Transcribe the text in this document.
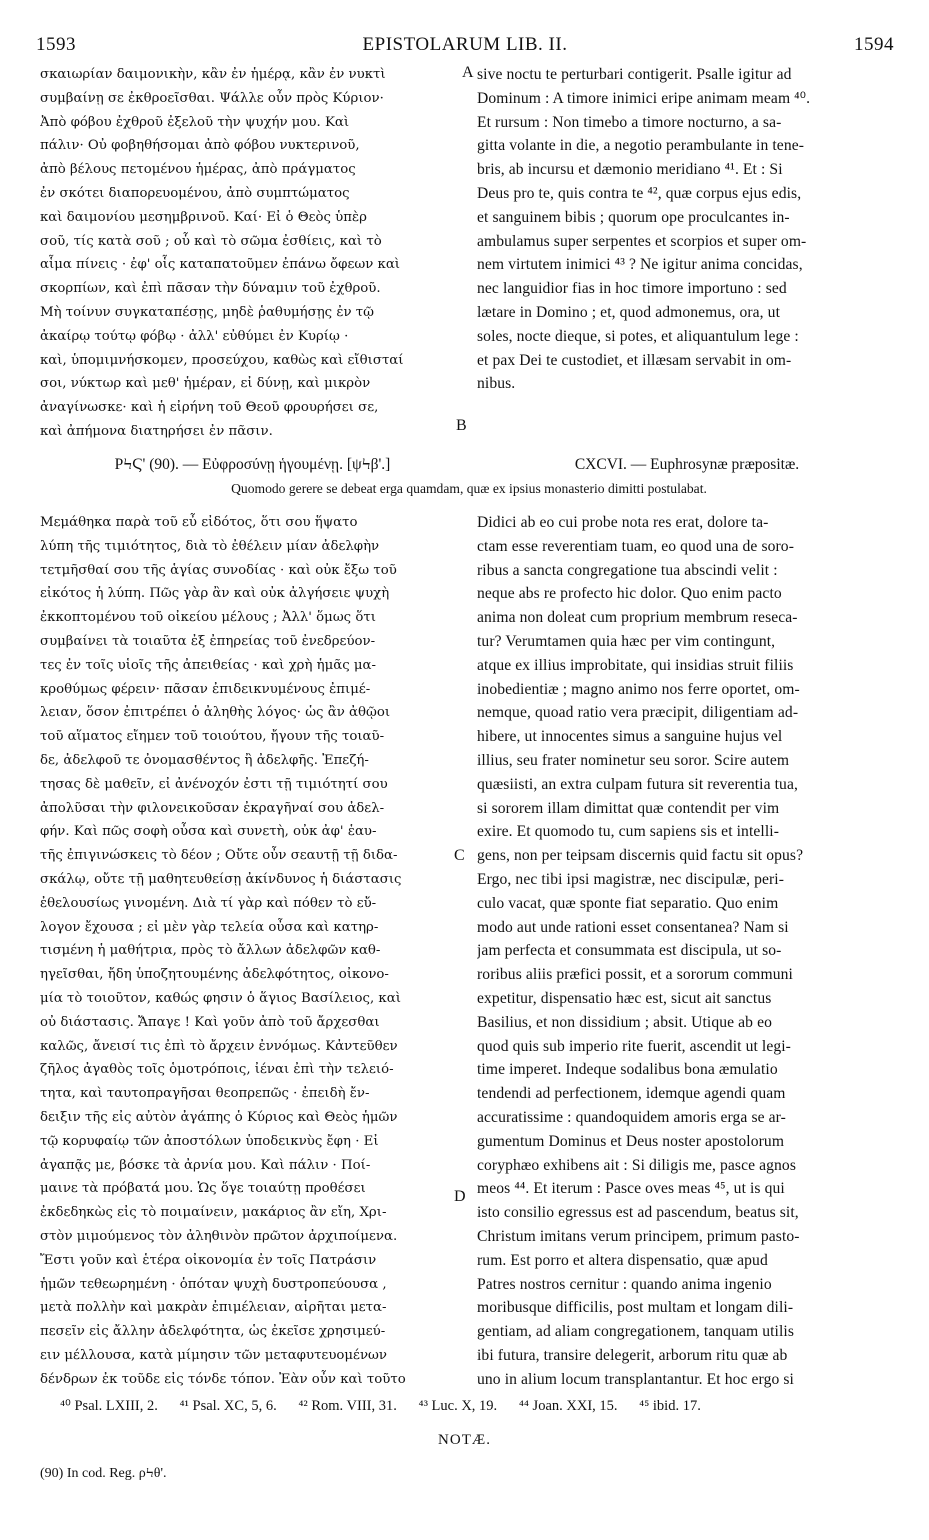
1593	EPISTOLARUM LIB. II.	1594
σκαιωρίαν δαιμονικὴν, κἂν ἐν ἡμέρᾳ, κἂν ἐν νυκτὶ
συμβαίνῃ σε ἐκθροεῖσθαι. Ψάλλε οὖν πρὸς Κύριον·
Ἀπὸ φόβου ἐχθροῦ ἐξελοῦ τὴν ψυχήν μου. Καὶ
πάλιν· Οὐ φοβηθήσομαι ἀπὸ φόβου νυκτερινοῦ,
ἀπὸ βέλους πετομένου ἡμέρας, ἀπὸ πράγματος
ἐν σκότει διαπορευομένου, ἀπὸ συμπτώματος
καὶ δαιμονίου μεσημβρινοῦ. Καί· Εἰ ὁ Θεὸς ὑπὲρ
σοῦ, τίς κατὰ σοῦ ; οὗ καὶ τὸ σῶμα ἐσθίεις, καὶ τὸ
αἷμα πίνεις · ἐφ' οἷς καταπατοῦμεν ἐπάνω ὄφεων καὶ
σκορπίων, καὶ ἐπὶ πᾶσαν τὴν δύναμιν τοῦ ἐχθροῦ.
Μὴ τοίνυν συγκαταπέσῃς, μηδὲ ῥαθυμήσῃς ἐν τῷ
ἀκαίρῳ τούτῳ φόβῳ · ἀλλ' εὐθύμει ἐν Κυρίῳ ·
καὶ, ὑπομιμνήσκομεν, προσεύχου, καθὼς καὶ εἴθισταί
σοι, νύκτωρ καὶ μεθ' ἡμέραν, εἰ δύνῃ, καὶ μικρὸν
ἀναγίνωσκε· καὶ ἡ εἰρήνη τοῦ Θεοῦ φρουρήσει σε,
καὶ ἀπήμονα διατηρήσει ἐν πᾶσιν.
sive noctu te perturbari contigerit. Psalle igitur ad
Dominum : A timore inimici eripe animam meam ⁴⁰.
Et rursum : Non timebo a timore nocturno, a sa-
gitta volante in die, a negotio perambulante in tene-
bris, ab incursu et dæmonio meridiano ⁴¹. Et : Si
Deus pro te, quis contra te ⁴², quæ corpus ejus edis,
et sanguinem bibis ; quorum ope proculcantes in-
ambulamus super serpentes et scorpios et super om-
nem virtutem inimici ⁴³ ? Ne igitur anima concidas,
nec languidior fias in hoc timore importuno : sed
lætare in Domino ; et, quod admonemus, ora, ut
soles, nocte dieque, si potes, et aliquantulum lege :
et pax Dei te custodiet, et illæsam servabit in om-
nibus.
A
B
C
D
ΡϞϚ' (90). — Εὐφροσύνῃ ἡγουμένῃ. [ψϞβ'.]	CXCVI. — Euphrosynæ præpositæ.
Quomodo gerere se debeat erga quamdam, quæ ex ipsius monasterio dimitti postulabat.
Μεμάθηκα παρὰ τοῦ εὖ εἰδότος, ὅτι σου ἥψατο
λύπη τῆς τιμιότητος, διὰ τὸ ἐθέλειν μίαν ἀδελφὴν
τετμῆσθαί σου τῆς ἁγίας συνοδίας · καὶ οὐκ ἔξω τοῦ
εἰκότος ἡ λύπη. Πῶς γὰρ ἂν καὶ οὐκ ἀλγήσειε ψυχὴ
ἐκκοπτομένου τοῦ οἰκείου μέλους ; Ἀλλ' ὅμως ὅτι
συμβαίνει τὰ τοιαῦτα ἐξ ἐπηρείας τοῦ ἐνεδρεύον-
τες ἐν τοῖς υἱοῖς τῆς ἀπειθείας · καὶ χρὴ ἡμᾶς μα-
κροθύμως φέρειν· πᾶσαν ἐπιδεικνυμένους ἐπιμέ-
λειαν, ὅσον ἐπιτρέπει ὁ ἀληθὴς λόγος· ὡς ἂν ἀθῷοι
τοῦ αἵματος εἴημεν τοῦ τοιούτου, ἤγουν τῆς τοιαῦ-
δε, ἀδελφοῦ τε ὀνομασθέντος ἢ ἀδελφῆς. Ἐπεζή-
τησας δὲ μαθεῖν, εἰ ἀνένοχόν ἐστι τῇ τιμιότητί σου
ἀπολῦσαι τὴν φιλονεικοῦσαν ἐκραγῆναί σου ἀδελ-
φήν. Καὶ πῶς σοφὴ οὖσα καὶ συνετὴ, οὐκ ἀφ' ἑαυ-
τῆς ἐπιγινώσκεις τὸ δέον ; Οὔτε οὖν σεαυτῇ τῇ διδα-
σκάλῳ, οὔτε τῇ μαθητευθείσῃ ἀκίνδυνος ἡ διάστασις
ἐθελουσίως γινομένη. Διὰ τί γὰρ καὶ πόθεν τὸ εὔ-
λογον ἔχουσα ; εἰ μὲν γὰρ τελεία οὖσα καὶ κατηρ-
τισμένη ἡ μαθήτρια, πρὸς τὸ ἄλλων ἀδελφῶν καθ-
ηγεῖσθαι, ἤδη ὑποζητουμένης ἀδελφότητος, οἰκονο-
μία τὸ τοιοῦτον, καθώς φησιν ὁ ἅγιος Βασίλειος, καὶ
οὐ διάστασις. Ἄπαγε ! Καὶ γοῦν ἀπὸ τοῦ ἄρχεσθαι
καλῶς, ἄνεισί τις ἐπὶ τὸ ἄρχειν ἐννόμως. Κἀντεῦθεν
ζῆλος ἀγαθὸς τοῖς ὁμοτρόποις, ἰέναι ἐπὶ τὴν τελειό-
τητα, καὶ ταυτοπραγῆσαι θεοπρεπῶς · ἐπειδὴ ἔν-
δειξιν τῆς εἰς αὐτὸν ἀγάπης ὁ Κύριος καὶ Θεὸς ἡμῶν
τῷ κορυφαίῳ τῶν ἀποστόλων ὑποδεικνὺς ἔφη · Εἰ
ἀγαπᾷς με, βόσκε τὰ ἀρνία μου. Καὶ πάλιν · Ποί-
μαινε τὰ πρόβατά μου. Ὡς ὅγε τοιαύτῃ προθέσει
ἐκδεδηκὼς εἰς τὸ ποιμαίνειν, μακάριος ἂν εἴη, Χρι-
στὸν μιμούμενος τὸν ἀληθινὸν πρῶτον ἀρχιποίμενα.
Ἔστι γοῦν καὶ ἑτέρα οἰκονομία ἐν τοῖς Πατράσιν
ἡμῶν τεθεωρημένη · ὁπόταν ψυχὴ δυστροπεύουσα ,
μετὰ πολλὴν καὶ μακρὰν ἐπιμέλειαν, αἱρῆται μετα-
πεσεῖν εἰς ἄλλην ἀδελφότητα, ὡς ἐκεῖσε χρησιμεύ-
ειν μέλλουσα, κατὰ μίμησιν τῶν μεταφυτευομένων
δένδρων ἐκ τοῦδε εἰς τόνδε τόπον. Ἐὰν οὖν καὶ τοῦτο
Didici ab eo cui probe nota res erat, dolore ta-
ctam esse reverentiam tuam, eo quod una de soro-
ribus a sancta congregatione tua abscindi velit :
neque abs re profecto hic dolor. Quo enim pacto
anima non doleat cum proprium membrum reseca-
tur? Verumtamen quia hæc per vim contingunt,
atque ex illius improbitate, qui insidias struit filiis
inobedientiæ ; magno animo nos ferre oportet, om-
nemque, quoad ratio vera præcipit, diligentiam ad-
hibere, ut innocentes simus a sanguine hujus vel
illius, seu frater nominetur seu soror. Scire autem
quæsiisti, an extra culpam futura sit reverentia tua,
si sororem illam dimittat quæ contendit per vim
exire. Et quomodo tu, cum sapiens sis et intelli-
gens, non per teipsam discernis quid factu sit opus?
Ergo, nec tibi ipsi magistræ, nec discipulæ, peri-
culo vacat, quæ sponte fiat separatio. Quo enim
modo aut unde rationi esset consentanea? Nam si
jam perfecta et consummata est discipula, ut so-
roribus aliis præfici possit, et a sororum communi
expetitur, dispensatio hæc est, sicut ait sanctus
Basilius, et non dissidium ; absit. Utique ab eo
quod quis sub imperio rite fuerit, ascendit ut legi-
time imperet. Indeque sodalibus bona æmulatio
tendendi ad perfectionem, idemque agendi quam
accuratissime : quandoquidem amoris erga se ar-
gumentum Dominus et Deus noster apostolorum
coryphæo exhibens ait : Si diligis me, pasce agnos
meos ⁴⁴. Et iterum : Pasce oves meas ⁴⁵, ut is qui
isto consilio egressus est ad pascendum, beatus sit,
Christum imitans verum principem, primum pasto-
rum. Est porro et altera dispensatio, quæ apud
Patres nostros cernitur : quando anima ingenio
moribusque difficilis, post multam et longam dili-
gentiam, ad aliam congregationem, tanquam utilis
ibi futura, transire delegerit, arborum ritu quæ ab
uno in alium locum transplantantur. Et hoc ergo si
⁴⁰ Psal. LXIII, 2. ⁴¹ Psal. XC, 5, 6. ⁴² Rom. VIII, 31. ⁴³ Luc. X, 19. ⁴⁴ Joan. XXI, 15. ⁴⁵ ibid. 17.
NOTÆ.
(90) In cod. Reg. ρϞθ'.
